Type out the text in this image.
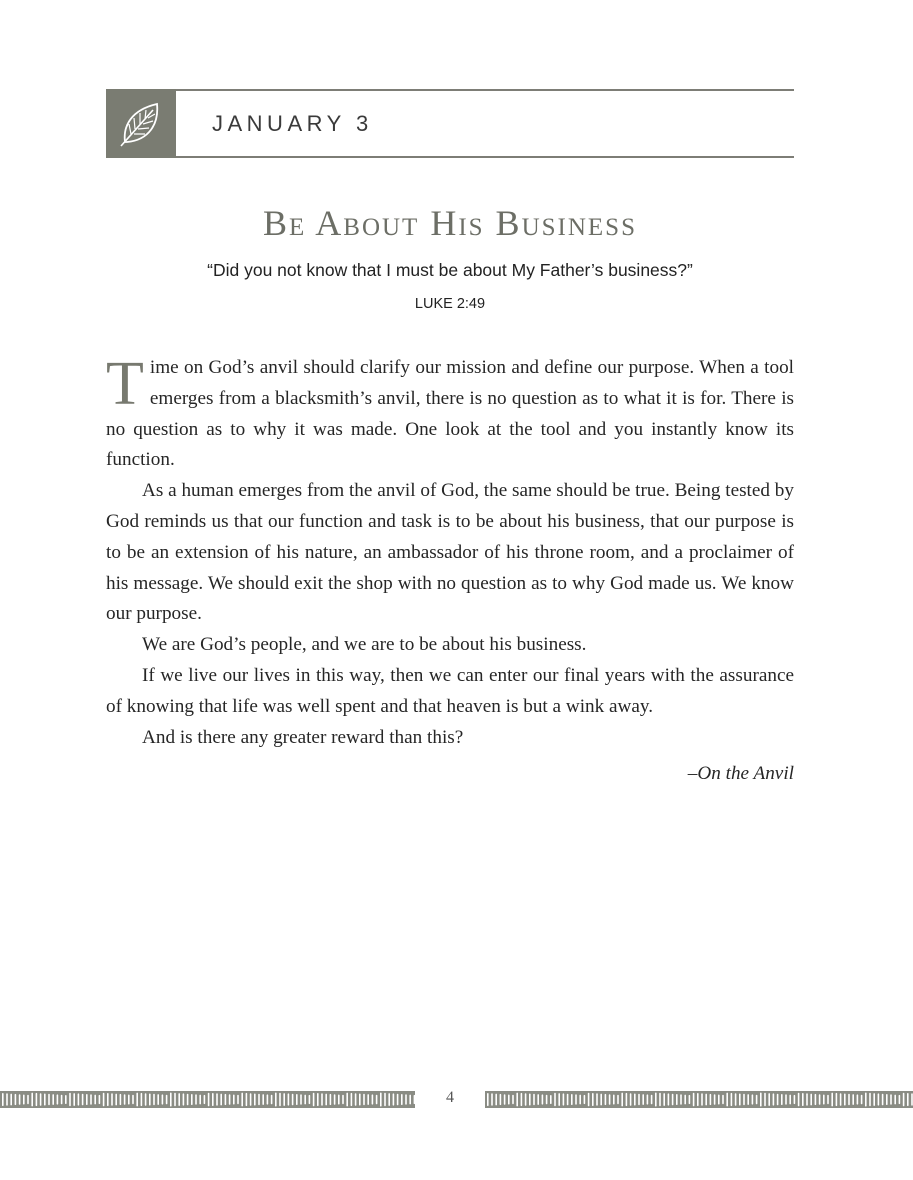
JANUARY 3
Be About His Business
“Did you not know that I must be about My Father’s business?”
LUKE 2:49

Time on God’s anvil should clarify our mission and define our purpose. When a tool emerges from a blacksmith’s anvil, there is no question as to what it is for. There is no question as to why it was made. One look at the tool and you instantly know its function.

As a human emerges from the anvil of God, the same should be true. Being tested by God reminds us that our function and task is to be about his business, that our purpose is to be an extension of his nature, an ambassador of his throne room, and a proclaimer of his message. We should exit the shop with no question as to why God made us. We know our purpose.

We are God’s people, and we are to be about his business.

If we live our lives in this way, then we can enter our final years with the assurance of knowing that life was well spent and that heaven is but a wink away.

And is there any greater reward than this?

–On the Anvil
4
